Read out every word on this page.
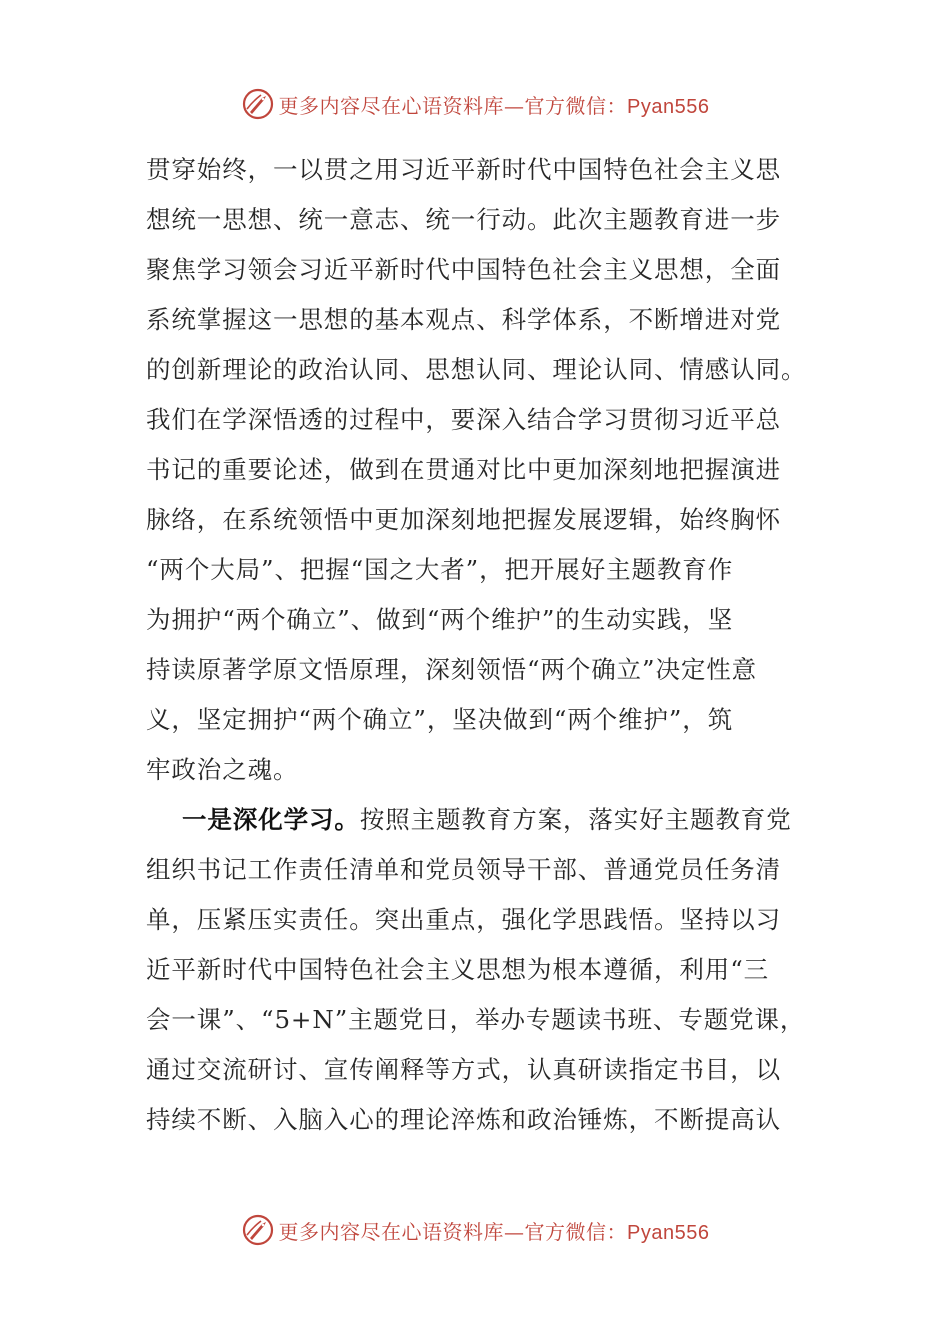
更多内容尽在心语资料库—官方微信：Pyan556
贯穿始终，一以贯之用习近平新时代中国特色社会主义思
想统一思想、统一意志、统一行动。此次主题教育进一步
聚焦学习领会习近平新时代中国特色社会主义思想，全面
系统掌握这一思想的基本观点、科学体系，不断增进对党
的创新理论的政治认同、思想认同、理论认同、情感认同。
我们在学深悟透的过程中，要深入结合学习贯彻习近平总
书记的重要论述，做到在贯通对比中更加深刻地把握演进
脉络，在系统领悟中更加深刻地把握发展逻辑，始终胸怀
“两个大局”、把握“国之大者”，把开展好主题教育作
为拥护“两个确立”、做到“两个维护”的生动实践，坚
持读原著学原文悟原理，深刻领悟“两个确立”决定性意
义，坚定拥护“两个确立”，坚决做到“两个维护”，筑
牢政治之魂。
一是深化学习。按照主题教育方案，落实好主题教育党
组织书记工作责任清单和党员领导干部、普通党员任务清
单，压紧压实责任。突出重点，强化学思践悟。坚持以习
近平新时代中国特色社会主义思想为根本遵循，利用“三
会一课”、“5+N”主题党日，举办专题读书班、专题党课，
通过交流研讨、宣传阐释等方式，认真研读指定书目，以
持续不断、入脑入心的理论淬炼和政治锤炼，不断提高认
更多内容尽在心语资料库—官方微信：Pyan556
